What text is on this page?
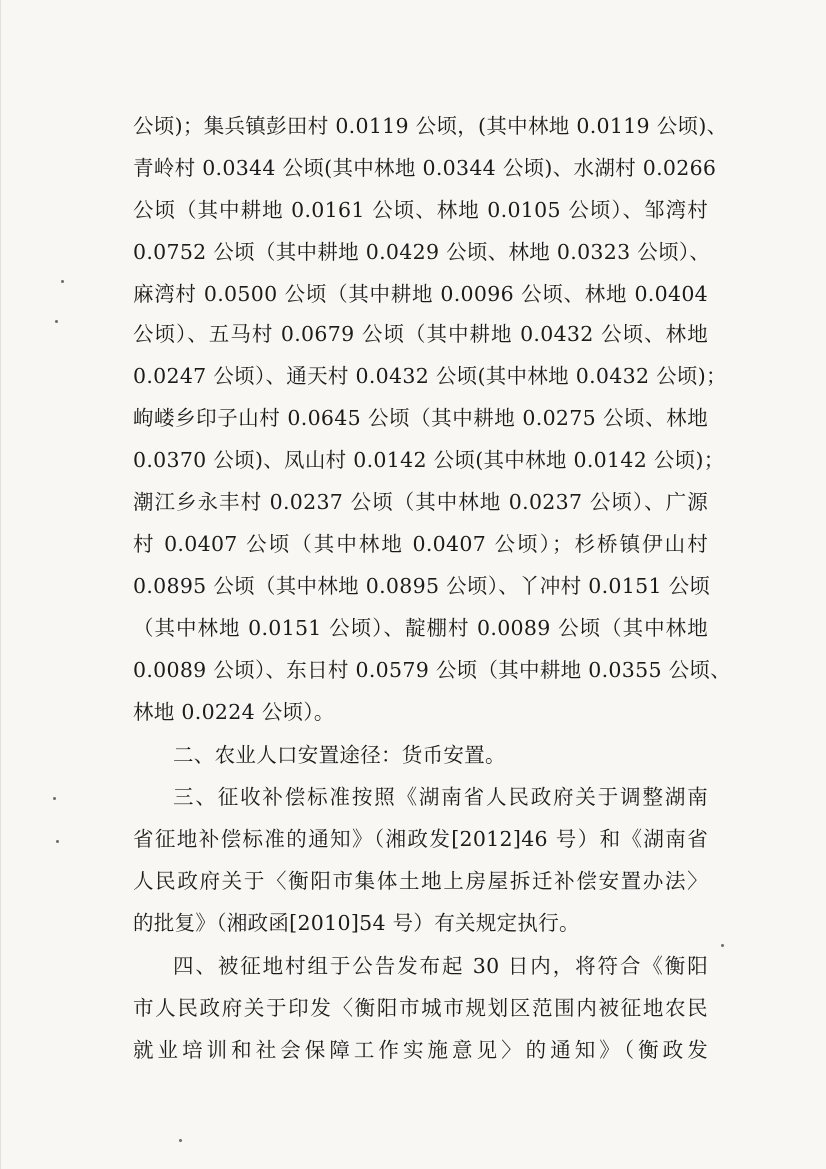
公顷)；集兵镇彭田村 0.0119 公顷，(其中林地 0.0119 公顷)、
青岭村 0.0344 公顷(其中林地 0.0344 公顷)、水湖村 0.0266
公顷（其中耕地 0.0161 公顷、林地 0.0105 公顷）、邹湾村
0.0752 公顷（其中耕地 0.0429 公顷、林地 0.0323 公顷）、
麻湾村 0.0500 公顷（其中耕地 0.0096 公顷、林地 0.0404
公顷）、五马村 0.0679 公顷（其中耕地 0.0432 公顷、林地
0.0247 公顷）、通天村 0.0432 公顷(其中林地 0.0432 公顷)；
岣嵝乡印子山村 0.0645 公顷（其中耕地 0.0275 公顷、林地
0.0370 公顷)、凤山村 0.0142 公顷(其中林地 0.0142 公顷)；
潮江乡永丰村 0.0237 公顷（其中林地 0.0237 公顷）、广源
村 0.0407 公顷（其中林地 0.0407 公顷）；杉桥镇伊山村
0.0895 公顷（其中林地 0.0895 公顷）、丫冲村 0.0151 公顷
（其中林地 0.0151 公顷）、靛棚村 0.0089 公顷（其中林地
0.0089 公顷）、东日村 0.0579 公顷（其中耕地 0.0355 公顷、
林地 0.0224 公顷）。
二、农业人口安置途径：货币安置。
三、征收补偿标准按照《湖南省人民政府关于调整湖南
省征地补偿标准的通知》（湘政发[2012]46 号）和《湖南省
人民政府关于〈衡阳市集体土地上房屋拆迁补偿安置办法〉
的批复》（湘政函[2010]54 号）有关规定执行。
四、被征地村组于公告发布起 30 日内，将符合《衡阳
市人民政府关于印发〈衡阳市城市规划区范围内被征地农民
就业培训和社会保障工作实施意见〉的通知》（衡政发
